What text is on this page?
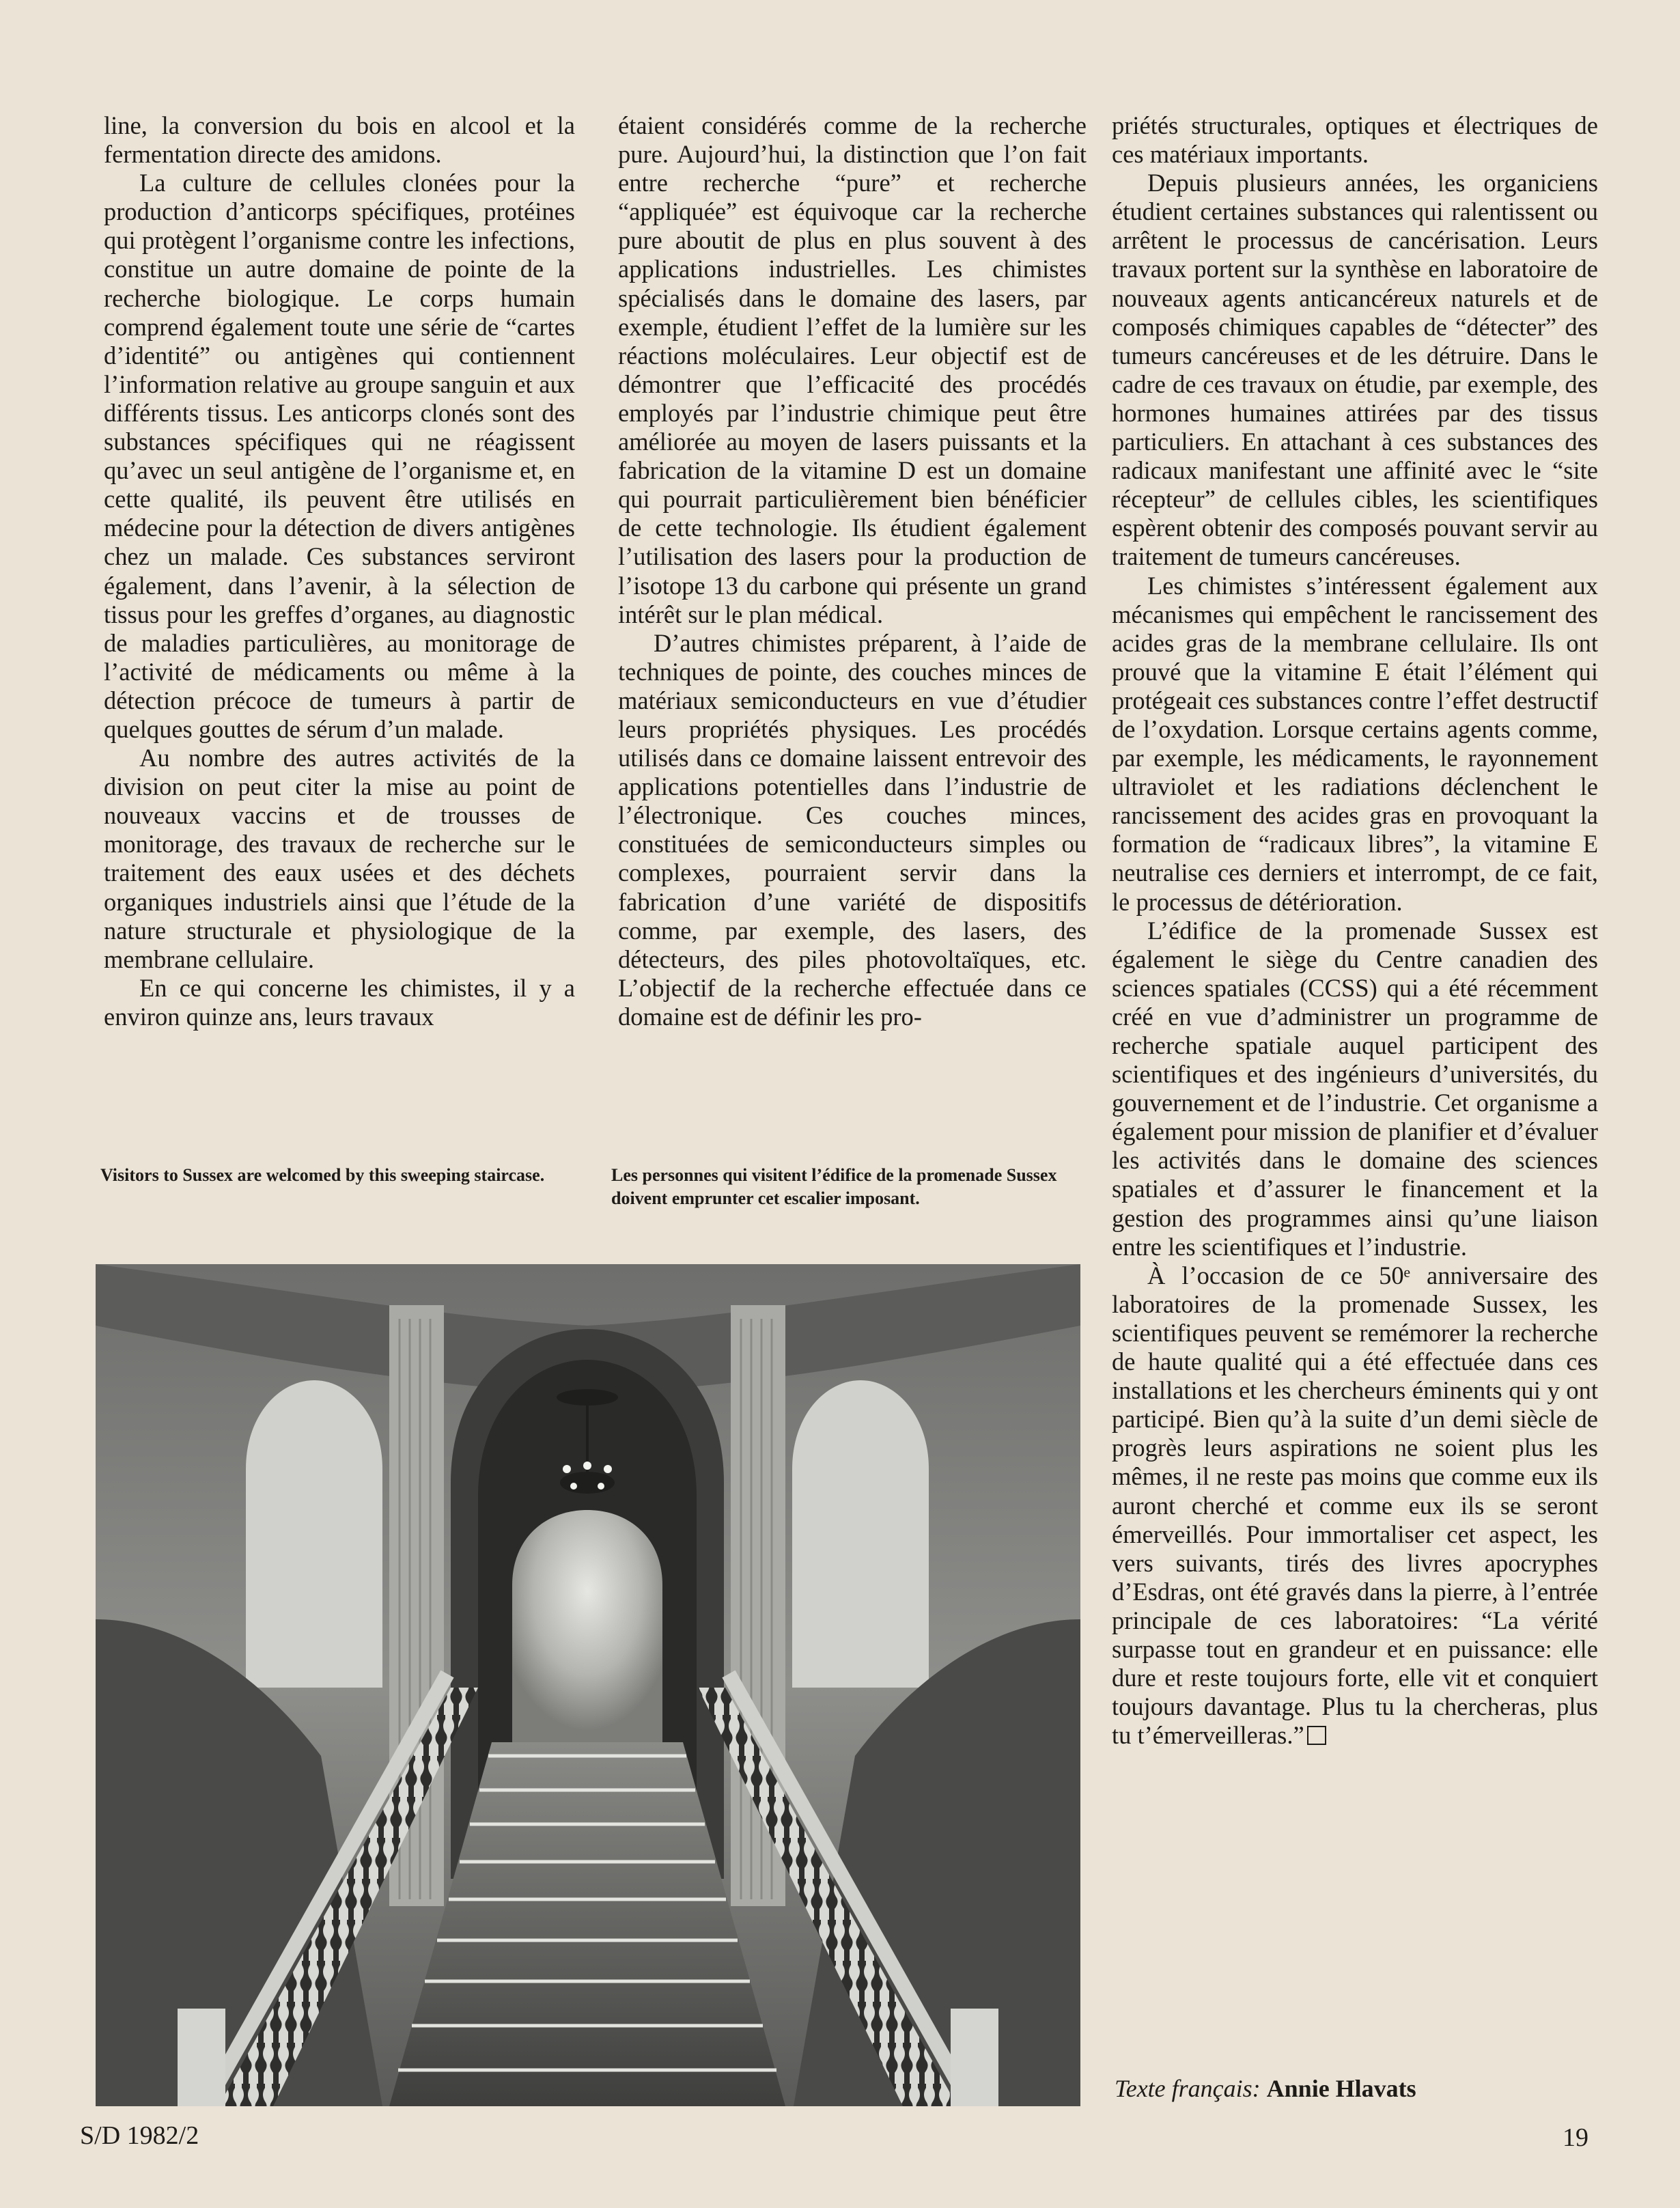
line, la conversion du bois en alcool et la fermentation directe des amidons.

La culture de cellules clonées pour la production d’anticorps spécifiques, protéines qui protègent l’organisme contre les infections, constitue un autre domaine de pointe de la recherche biologique. Le corps humain comprend également toute une série de “cartes d’identité” ou antigènes qui contiennent l’information relative au groupe sanguin et aux différents tissus. Les anticorps clonés sont des substances spécifiques qui ne réagissent qu’avec un seul antigène de l’organisme et, en cette qualité, ils peuvent être utilisés en médecine pour la détection de divers antigènes chez un malade. Ces substances serviront également, dans l’avenir, à la sélection de tissus pour les greffes d’organes, au diagnostic de maladies particulières, au monitorage de l’activité de médicaments ou même à la détection précoce de tumeurs à partir de quelques gouttes de sérum d’un malade.

Au nombre des autres activités de la division on peut citer la mise au point de nouveaux vaccins et de trousses de monitorage, des travaux de recherche sur le traitement des eaux usées et des déchets organiques industriels ainsi que l’étude de la nature structurale et physiologique de la membrane cellulaire.

En ce qui concerne les chimistes, il y a environ quinze ans, leurs travaux

étaient considérés comme de la recherche pure. Aujourd’hui, la distinction que l’on fait entre recherche “pure” et recherche “appliquée” est équivoque car la recherche pure aboutit de plus en plus souvent à des applications industrielles. Les chimistes spécialisés dans le domaine des lasers, par exemple, étudient l’effet de la lumière sur les réactions moléculaires. Leur objectif est de démontrer que l’efficacité des procédés employés par l’industrie chimique peut être améliorée au moyen de lasers puissants et la fabrication de la vitamine D est un domaine qui pourrait particulièrement bien bénéficier de cette technologie. Ils étudient également l’utilisation des lasers pour la production de l’isotope 13 du carbone qui présente un grand intérêt sur le plan médical.

D’autres chimistes préparent, à l’aide de techniques de pointe, des couches minces de matériaux semiconducteurs en vue d’étudier leurs propriétés physiques. Les procédés utilisés dans ce domaine laissent entrevoir des applications potentielles dans l’industrie de l’électronique. Ces couches minces, constituées de semiconducteurs simples ou complexes, pourraient servir dans la fabrication d’une variété de dispositifs comme, par exemple, des lasers, des détecteurs, des piles photovoltaïques, etc. L’objectif de la recherche effectuée dans ce domaine est de définir les pro-

priétés structurales, optiques et électriques de ces matériaux importants.

Depuis plusieurs années, les organiciens étudient certaines substances qui ralentissent ou arrêtent le processus de cancérisation. Leurs travaux portent sur la synthèse en laboratoire de nouveaux agents anticancéreux naturels et de composés chimiques capables de “détecter” des tumeurs cancéreuses et de les détruire. Dans le cadre de ces travaux on étudie, par exemple, des hormones humaines attirées par des tissus particuliers. En attachant à ces substances des radicaux manifestant une affinité avec le “site récepteur” de cellules cibles, les scientifiques espèrent obtenir des composés pouvant servir au traitement de tumeurs cancéreuses.

Les chimistes s’intéressent également aux mécanismes qui empêchent le rancissement des acides gras de la membrane cellulaire. Ils ont prouvé que la vitamine E était l’élément qui protégeait ces substances contre l’effet destructif de l’oxydation. Lorsque certains agents comme, par exemple, les médicaments, le rayonnement ultraviolet et les radiations déclenchent le rancissement des acides gras en provoquant la formation de “radicaux libres”, la vitamine E neutralise ces derniers et interrompt, de ce fait, le processus de détérioration.

L’édifice de la promenade Sussex est également le siège du Centre canadien des sciences spatiales (CCSS) qui a été récemment créé en vue d’administrer un programme de recherche spatiale auquel participent des scientifiques et des ingénieurs d’universités, du gouvernement et de l’industrie. Cet organisme a également pour mission de planifier et d’évaluer les activités dans le domaine des sciences spatiales et d’assurer le financement et la gestion des programmes ainsi qu’une liaison entre les scientifiques et l’industrie.

À l’occasion de ce 50ᵉ anniversaire des laboratoires de la promenade Sussex, les scientifiques peuvent se remémorer la recherche de haute qualité qui a été effectuée dans ces installations et les chercheurs éminents qui y ont participé. Bien qu’à la suite d’un demi siècle de progrès leurs aspirations ne soient plus les mêmes, il ne reste pas moins que comme eux ils auront cherché et comme eux ils se seront émerveillés. Pour immortaliser cet aspect, les vers suivants, tirés des livres apocryphes d’Esdras, ont été gravés dans la pierre, à l’entrée principale de ces laboratoires: “La vérité surpasse tout en grandeur et en puissance: elle dure et reste toujours forte, elle vit et conquiert toujours davantage. Plus tu la chercheras, plus tu t’émerveilleras.”

Visitors to Sussex are welcomed by this sweeping staircase.	Les personnes qui visitent l’édifice de la promenade Sussex doivent emprunter cet escalier imposant.
Texte français: Annie Hlavats
S/D 1982/2	19
